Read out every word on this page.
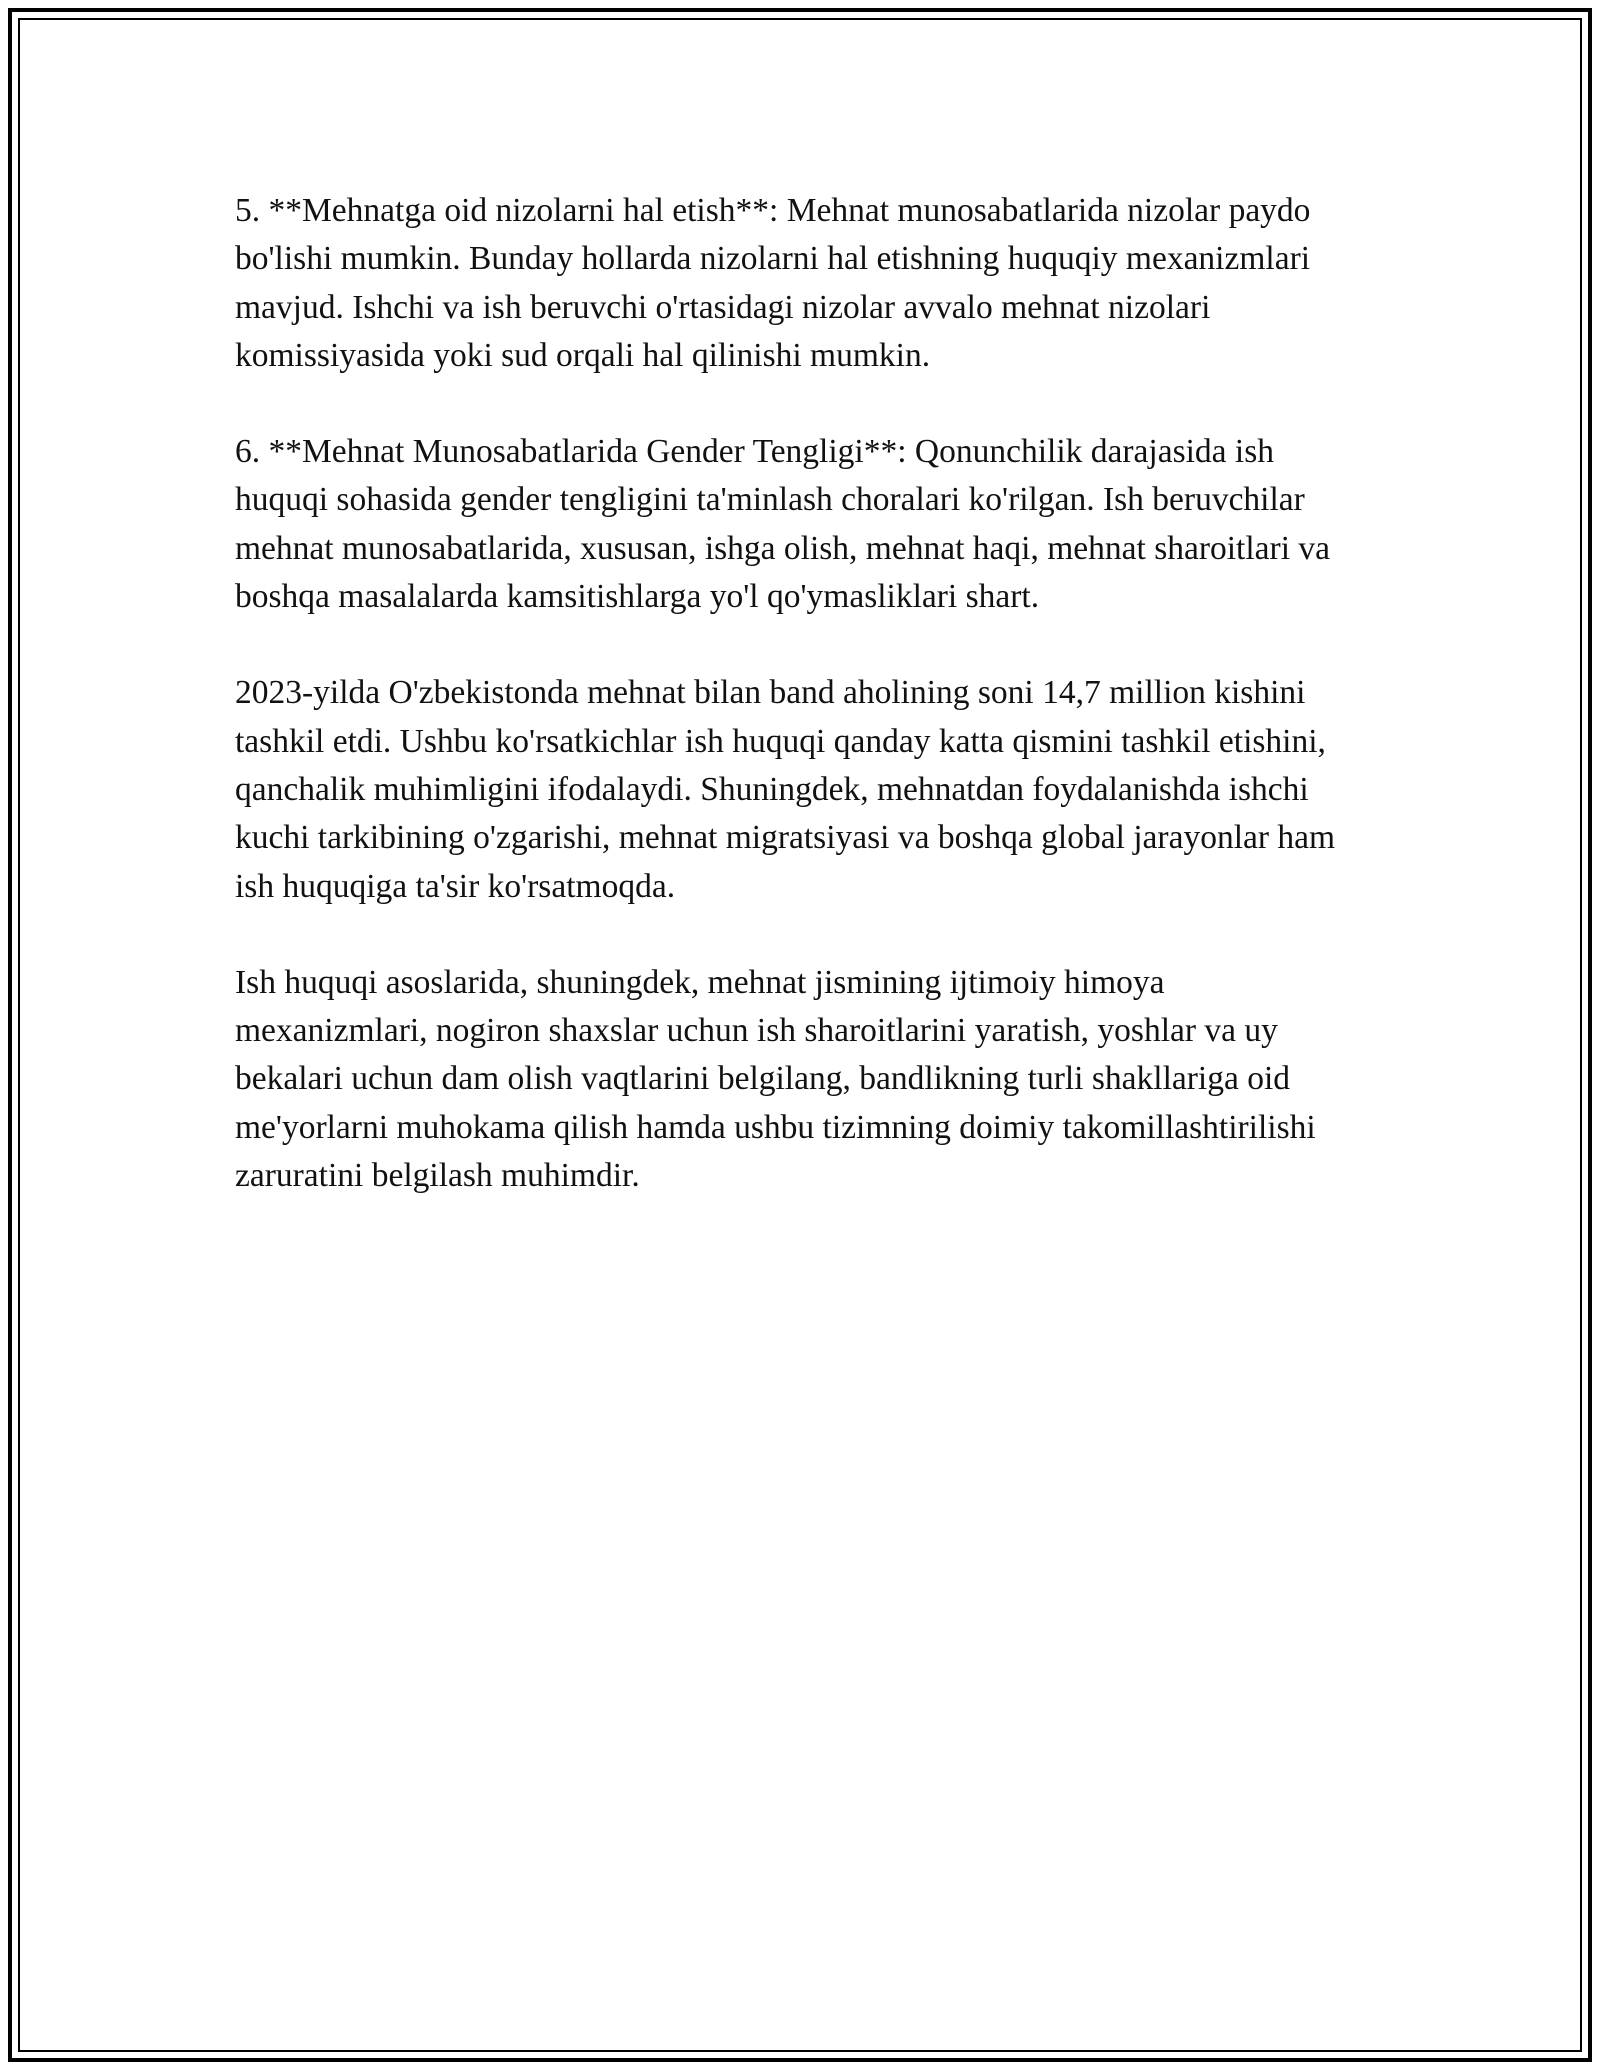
5. **Mehnatga oid nizolarni hal etish**: Mehnat munosabatlarida nizolar paydo bo'lishi mumkin. Bunday hollarda nizolarni hal etishning huquqiy mexanizmlari mavjud. Ishchi va ish beruvchi o'rtasidagi nizolar avvalo mehnat nizolari komissiyasida yoki sud orqali hal qilinishi mumkin.

6. **Mehnat Munosabatlarida Gender Tengligi**: Qonunchilik darajasida ish huquqi sohasida gender tengligini ta'minlash choralari ko'rilgan. Ish beruvchilar mehnat munosabatlarida, xususan, ishga olish, mehnat haqi, mehnat sharoitlari va boshqa masalalarda kamsitishlarga yo'l qo'ymasliklari shart.

2023-yilda O'zbekistonda mehnat bilan band aholining soni 14,7 million kishini tashkil etdi. Ushbu ko'rsatkichlar ish huquqi qanday katta qismini tashkil etishini, qanchalik muhimligini ifodalaydi. Shuningdek, mehnatdan foydalanishda ishchi kuchi tarkibining o'zgarishi, mehnat migratsiyasi va boshqa global jarayonlar ham ish huquqiga ta'sir ko'rsatmoqda.

Ish huquqi asoslarida, shuningdek, mehnat jismining ijtimoiy himoya mexanizmlari, nogiron shaxslar uchun ish sharoitlarini yaratish, yoshlar va uy bekalari uchun dam olish vaqtlarini belgilang, bandlikning turli shakllariga oid me'yorlarni muhokama qilish hamda ushbu tizimning doimiy takomillashtirilishi zaruratini belgilash muhimdir.
